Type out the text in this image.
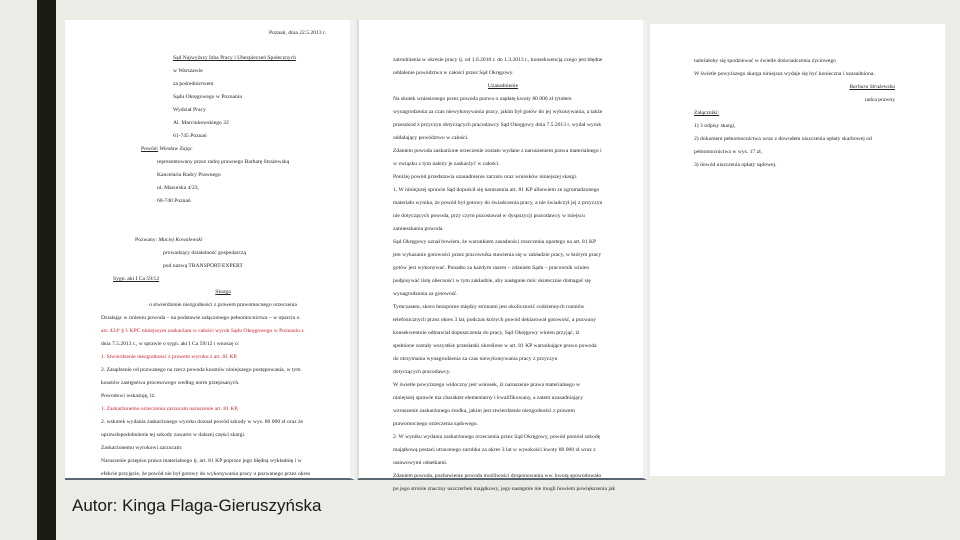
Poznań, dnia 22.5.2013 r.
Sąd Najwyższy Izba Pracy i Ubezpieczeń Społecznych
w Warszawie
za pośrednictwem
Sądu Okręgowego w Poznaniu
Wydział Pracy
Al. Marcinkowskiego 32
61-745 Poznań
Powód: Wiesław Zając
reprezentowany przez radcę prawnego Barbarę Strażewską
Kancelaria Radcy Prawnego
ul. Mazurska 4/23,
60-740 Poznań
Pozwany: Maciej Kowalewski
prowadzący działalność gospodarczą
pod nazwą TRANSPORT-EXPERT
Sygn. akt I Ca 59/12
Skarga
o stwierdzenie niezgodności z prawem prawomocnego orzeczenia
Działając w imieniu powoda – na podstawie załączonego pełnomocnictwa – w oparciu o
art. 424¹ § 1 KPC niniejszym zaskarżam w całości wyrok Sądu Okręgowego w Poznaniu z
dnia 7.5.2013 r., w sprawie o sygn. akt I Ca 59/12 i wnoszę o:
1. Stwierdzenie niezgodności z prawem wyroku z art. 81 KP,
2. Zasądzenie od pozwanego na rzecz powoda kosztów niniejszego postępowania, w tym
kosztów zastępstwa procesowego według norm przepisanych.
Powodowi wskazuję, iż:
1. Zaskarżonemu orzeczeniu zarzucam naruszenie art. 81 KP,
2. wskutek wydania zaskarżonego wyroku doznał powód szkody w wys. 80 000 zł oraz że
uprawdopodobnienie tej szkody zawarto w dalszej części skargi.
Zaskarżonemu wyrokowi zarzucam:
Naruszenie przepisu prawa materialnego tj. art. 81 KP poprzez jego błędną wykładnię i w
efekcie przyjęcie, że powód nie był gotowy do wykonywania pracy u pozwanego przez okres
zatrudnienia w okresie pracy tj. od 1.6.2010 r. do 1.3.2013 r., konsekwencją czego jest błędne
oddalenie powództwa w całości przez Sąd Okręgowy.
Uzasadnienie
Na skutek wniesionego przez powoda pozwu o zapłatę kwoty 80 000 zł tytułem
wynagrodzenia za czas niewykonywania pracy, jakim był gotów do jej wykonywania, a także
przeszkód z przyczyn dotyczących pracodawcy Sąd Okręgowy dnia 7.5.2013 r. wydał wyrok
oddalający powództwo w całości.
Zdaniem powoda zaskarżone orzeczenie zostało wydane z naruszeniem prawa materialnego i
w związku z tym należy je zaskarżyć w całości.
Poniżej powód przedstawia uzasadnienie zarzutu oraz wniosków niniejszej skargi.
1. W niniejszej sprawie Sąd dopuścił się naruszenia art. 81 KP albowiem ze zgromadzonego
materiału wynika, że powód był gotowy do świadczenia pracy, a nie świadczył jej z przyczyn
nie dotyczących powoda, przy czym pozostawał w dyspozycji pracodawcy w miejscu
zamieszkania powoda.
Sąd Okręgowy uznał bowiem, że warunkiem zasadności roszczenia opartego na art. 81 KP
jest wykazanie gotowości przez pracownika stawienia się w zakładzie pracy, w którym pracy
gotów jest wykonywać. Ponadto za każdym razem – zdaniem Sądu – pracownik winien
podpisywać listę obecności w tym zakładzie, aby następnie móc skutecznie domagać się
wynagrodzenia za gotowość.
Tymczasem, skoro bezsporne między stronami jest okoliczność codziennych rozmów
telefonicznych przez okres 3 lat, podczas których powód deklarował gotowość, a pozwany
konsekwentnie odmawiał dopuszczenia do pracy, Sąd Okręgowy winien przyjąć, iż
spełnione zostały wszystkie przesłanki określone w art. 81 KP warunkujące prawo powoda
do otrzymania wynagrodzenia za czas niewykonywania pracy z przyczyn
dotyczących pracodawcy.
W świetle powyższego widoczny jest wniosek, iż naruszenie prawa materialnego w
niniejszej sprawie ma charakter elementarny i kwalifikowany, a zatem uzasadniający
wzruszenie zaskarżonego środka, jakim jest stwierdzenie niezgodności z prawem
prawomocnego orzeczenia sądowego.
2. W wyniku wydania zaskarżonego orzeczenia przez Sąd Okręgowy, powód poniósł szkodę
majątkową postaci utraconego zarobku za okres 3 lat w wysokości kwoty 80 000 zł wraz z
ustawowymi odsetkami.
Zdaniem powoda, pozbawienie powoda możliwości dysponowania ww. kwotą spowodowało
po jego stronie znaczny uszczerbek majątkowy, jego następnie nie mogli bowiem powiększenia jak
należałoby się spodziewać w świetle doświadczenia życiowego
W świetle powyższego skarga niniejsza wydaje się być konieczna i uzasadniona.
Barbara Strażewska
radca prawny
Załączniki:
1) 3 odpisy skargi,
2) dokument pełnomocnictwa wraz z dowodem uiszczenia opłaty skarbowej od
pełnomocnictwa w wys. 17 zł,
3) dowód uiszczenia opłaty sądowej.
Autor: Kinga Flaga-Gieruszyńska
